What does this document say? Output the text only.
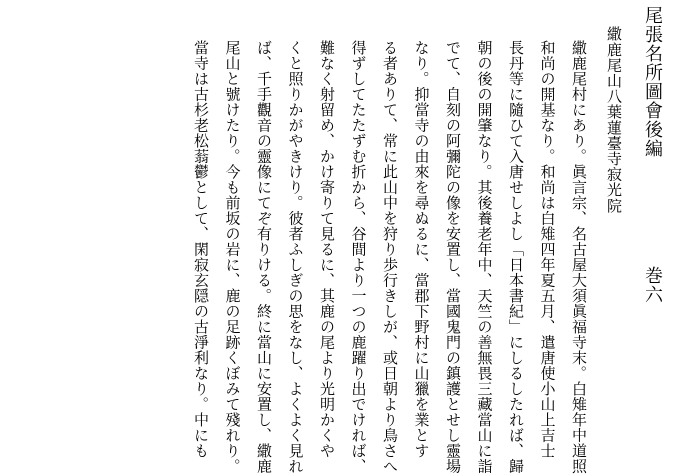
尾張名所圖會後編巻六
繖鹿尾山八葉蓮臺寺寂光院

繖鹿尾村にあり。眞言宗、名古屋大須眞福寺末。白雉年中道照

和尚の開基なり。和尚は白雉四年夏五月、遣唐使小山上吉士

長丹等に隨ひて入唐せしよし「日本書紀」にしるしたれば、歸

朝の後の開肇なり。其後養老年中、天竺の善無畏三藏當山に詣

でて、自刻の阿彌陀の像を安置し、當國鬼門の鎮護とせし靈場

なり。抑當寺の由來を尋ぬるに、當郡下野村に山獵を業とす

る者ありて、常に此山中を狩り歩行きしが、或日朝より鳥さへ

得ずしてたたずむ折から、谷間より一つの鹿躍り出でければ、

難なく射留め、かけ寄りて見るに、其鹿の尾より光明かくや

くと照りかがやきけり。彼者ふしぎの思をなし、よくよく見れ

ば、千手觀音の靈像にてぞ有りける。終に當山に安置し、繖鹿

尾山と號けたり。今も前坂の岩に、鹿の足跡くぼみて殘れり。

當寺は古杉老松蓊鬱として、閑寂玄隠の古淨利なり。中にも
